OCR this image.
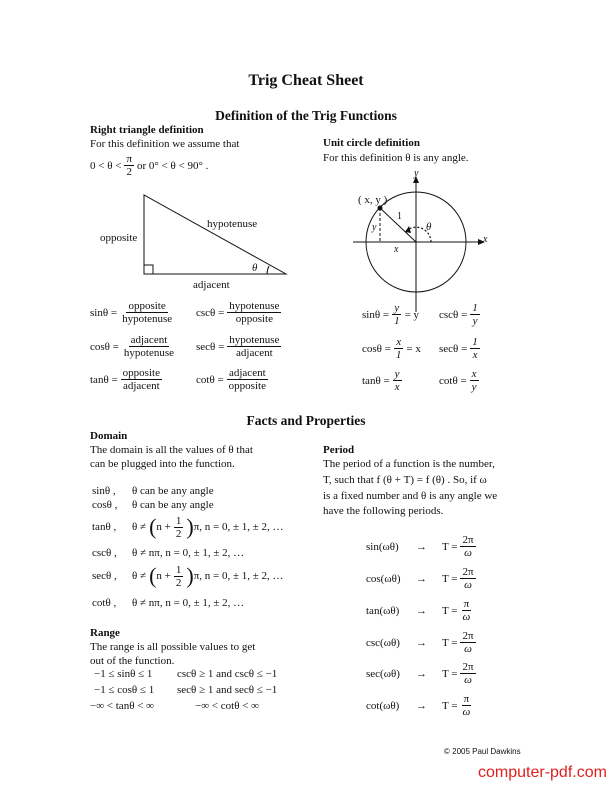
Trig Cheat Sheet
Definition of the Trig Functions
Right triangle definition
For this definition we assume that
$0 < \theta < \frac{\pi}{2}$ or 0° < θ < 90° .
opposite
hypotenuse
adjacent
θ
$\sin\theta = \frac{\text{opposite}}{\text{hypotenuse}}$ $\csc\theta = \frac{\text{hypotenuse}}{\text{opposite}}$
$\cos\theta = \frac{\text{adjacent}}{\text{hypotenuse}}$ $\sec\theta = \frac{\text{hypotenuse}}{\text{adjacent}}$
$\tan\theta = \frac{\text{opposite}}{\text{adjacent}}$	$\cot\theta = \frac{\text{adjacent}}{\text{opposite}}$
Unit circle definition
For this definition θ is any angle.
( x, y )
y
x
1
y
x
θ
$\sin\theta = \frac{y}{1} = y$ $\csc\theta = \frac{1}{y}$
$\cos\theta = \frac{x}{1} = x$ $\sec\theta = \frac{1}{x}$
$\tan\theta = \frac{y}{x}$	$\cot\theta = \frac{x}{y}$
Facts and Properties
Domain
The domain is all the values of θ that
can be plugged into the function.
sinθ ,	θ can be any angle
cosθ ,	θ can be any angle
tanθ ,	θ ≠ ( $n + \frac{1}{2}$ ) π, n = 0, ± 1, ± 2, …
cscθ ,	θ ≠ nπ, n = 0, ± 1, ± 2, …
secθ ,	θ ≠ ( $n + \frac{1}{2}$ ) π, n = 0, ± 1, ± 2, …
cotθ ,	θ ≠ nπ, n = 0, ± 1, ± 2, …
Range
The range is all possible values to get
out of the function.
−1 ≤ sinθ ≤ 1 cscθ ≥ 1 and cscθ ≤ −1
−1 ≤ cosθ ≤ 1 secθ ≥ 1 and secθ ≤ −1
−∞ < tanθ < ∞	−∞ < cotθ < ∞
Period
The period of a function is the number,
T, such that f (θ + T) = f (θ) . So, if ω
is a fixed number and θ is any angle we
have the following periods.
sin(ωθ)	→	$T = \frac{2\pi}{\omega}$
cos(ωθ)	→	$T = \frac{2\pi}{\omega}$
tan(ωθ)	→	$T = \frac{\pi}{\omega}$
csc(ωθ)	→	$T = \frac{2\pi}{\omega}$
sec(ωθ)	→	$T = \frac{2\pi}{\omega}$
cot(ωθ)	→	$T = \frac{\pi}{\omega}$
© 2005 Paul Dawkins
computer-pdf.com
